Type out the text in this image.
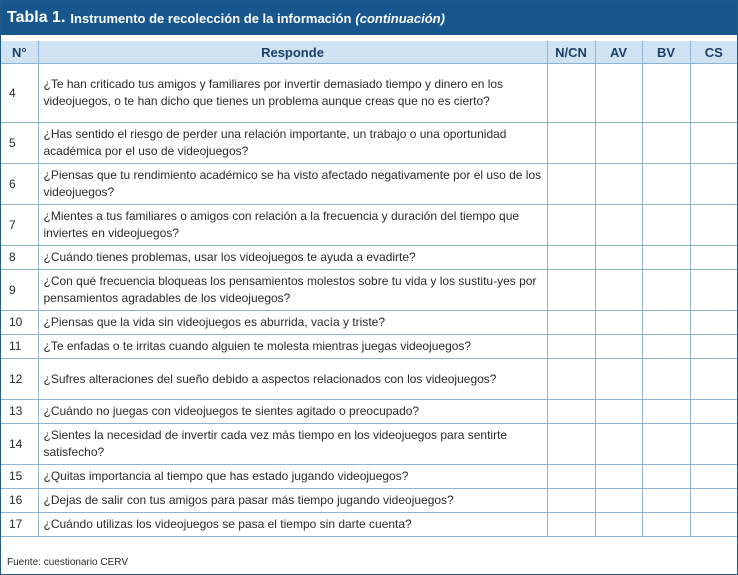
Tabla 1. Instrumento de recolección de la información (continuación)
N°	Responde	N/CN	AV	BV	CS
4	¿Te han criticado tus amigos y familiares por invertir demasiado tiempo y dinero en los videojuegos, o te han dicho que tienes un problema aunque creas que no es cierto?				
5	¿Has sentido el riesgo de perder una relación importante, un trabajo o una oportunidad académica por el uso de videojuegos?				
6	¿Piensas que tu rendimiento académico se ha visto afectado negativamente por el uso de los videojuegos?				
7	¿Mientes a tus familiares o amigos con relación a la frecuencia y duración del tiempo que inviertes en videojuegos?				
8	¿Cuándo tienes problemas, usar los videojuegos te ayuda a evadirte?				
9	¿Con qué frecuencia bloqueas los pensamientos molestos sobre tu vida y los sustitu-yes por pensamientos agradables de los videojuegos?				
10	¿Piensas que la vida sin videojuegos es aburrida, vacía y triste?				
11	¿Te enfadas o te irritas cuando alguien te molesta mientras juegas videojuegos?				
12	¿Sufres alteraciones del sueño debido a aspectos relacionados con los videojuegos?				
13	¿Cuándo no juegas con videojuegos te sientes agitado o preocupado?				
14	¿Sientes la necesidad de invertir cada vez más tiempo en los videojuegos para sentirte satisfecho?				
15	¿Quitas importancia al tiempo que has estado jugando videojuegos?				
16	¿Dejas de salir con tus amigos para pasar más tiempo jugando videojuegos?				
17	¿Cuándo utilizas los videojuegos se pasa el tiempo sin darte cuenta?				
Fuente: cuestionario CERV
